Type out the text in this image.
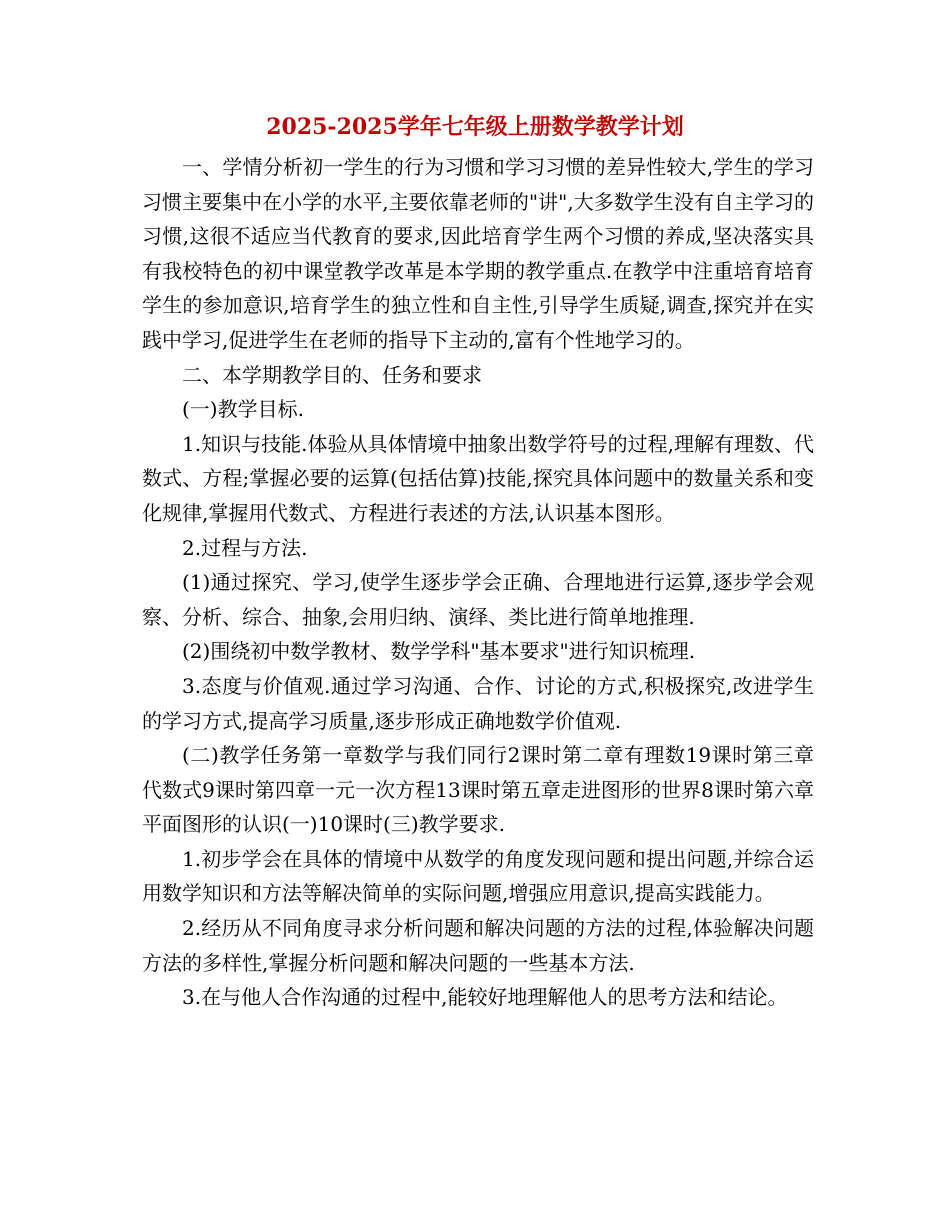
2025-2025学年七年级上册数学教学计划

一、学情分析初一学生的行为习惯和学习习惯的差异性较大,学生的学习习惯主要集中在小学的水平,主要依靠老师的"讲",大多数学生没有自主学习的习惯,这很不适应当代教育的要求,因此培育学生两个习惯的养成,坚决落实具有我校特色的初中课堂教学改革是本学期的教学重点.在教学中注重培育培育学生的参加意识,培育学生的独立性和自主性,引导学生质疑,调查,探究并在实践中学习,促进学生在老师的指导下主动的,富有个性地学习的。

二、本学期教学目的、任务和要求

(一)教学目标.

1.知识与技能.体验从具体情境中抽象出数学符号的过程,理解有理数、代数式、方程;掌握必要的运算(包括估算)技能,探究具体问题中的数量关系和变化规律,掌握用代数式、方程进行表述的方法,认识基本图形。

2.过程与方法.

(1)通过探究、学习,使学生逐步学会正确、合理地进行运算,逐步学会观察、分析、综合、抽象,会用归纳、演绎、类比进行简单地推理.

(2)围绕初中数学教材、数学学科"基本要求"进行知识梳理.

3.态度与价值观.通过学习沟通、合作、讨论的方式,积极探究,改进学生的学习方式,提高学习质量,逐步形成正确地数学价值观.

(二)教学任务第一章数学与我们同行2课时第二章有理数19课时第三章代数式9课时第四章一元一次方程13课时第五章走进图形的世界8课时第六章平面图形的认识(一)10课时(三)教学要求.

1.初步学会在具体的情境中从数学的角度发现问题和提出问题,并综合运用数学知识和方法等解决简单的实际问题,增强应用意识,提高实践能力。

2.经历从不同角度寻求分析问题和解决问题的方法的过程,体验解决问题方法的多样性,掌握分析问题和解决问题的一些基本方法.

3.在与他人合作沟通的过程中,能较好地理解他人的思考方法和结论。
